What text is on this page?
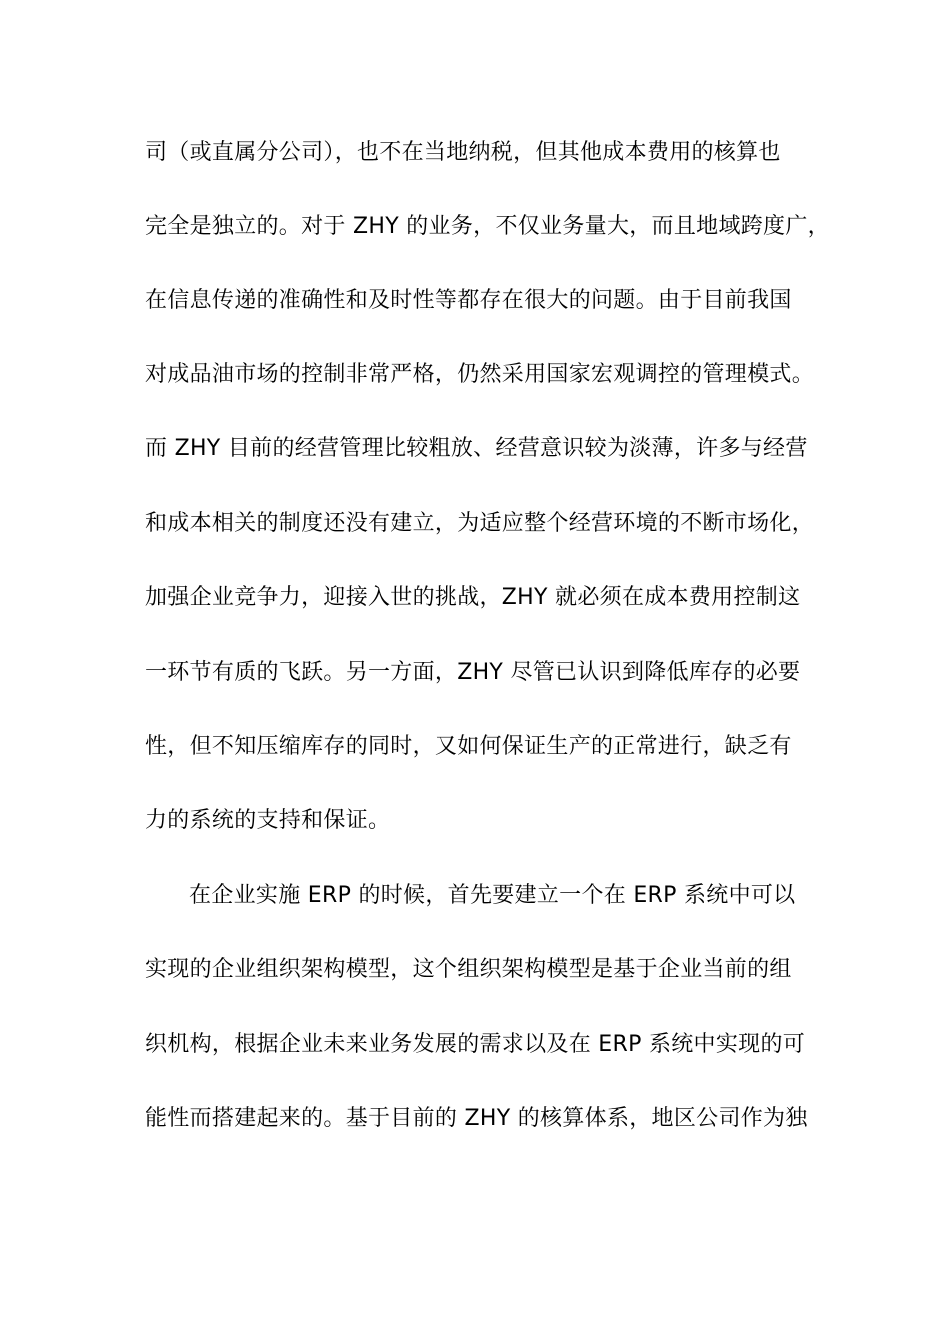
司（或直属分公司），也不在当地纳税，但其他成本费用的核算也
完全是独立的。对于 ZHY 的业务，不仅业务量大，而且地域跨度广，
在信息传递的准确性和及时性等都存在很大的问题。由于目前我国
对成品油市场的控制非常严格，仍然采用国家宏观调控的管理模式。
而 ZHY 目前的经营管理比较粗放、经营意识较为淡薄，许多与经营
和成本相关的制度还没有建立，为适应整个经营环境的不断市场化，
加强企业竞争力，迎接入世的挑战，ZHY 就必须在成本费用控制这
一环节有质的飞跃。另一方面，ZHY 尽管已认识到降低库存的必要
性，但不知压缩库存的同时，又如何保证生产的正常进行，缺乏有
力的系统的支持和保证。
在企业实施 ERP 的时候，首先要建立一个在 ERP 系统中可以
实现的企业组织架构模型，这个组织架构模型是基于企业当前的组
织机构，根据企业未来业务发展的需求以及在 ERP 系统中实现的可
能性而搭建起来的。基于目前的 ZHY 的核算体系，地区公司作为独
